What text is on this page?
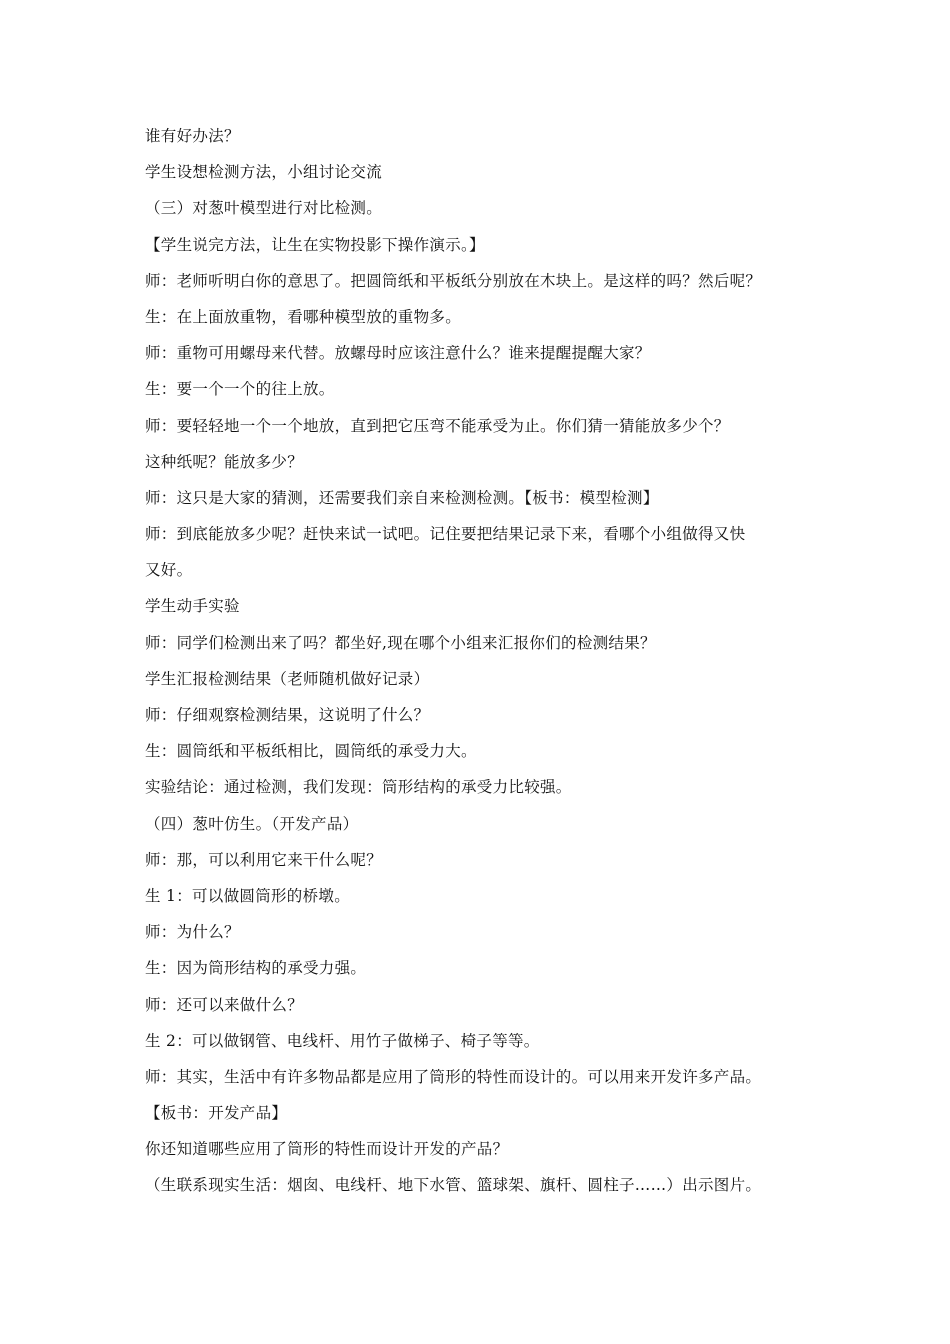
谁有好办法？
学生设想检测方法，小组讨论交流
（三）对葱叶模型进行对比检测。
【学生说完方法，让生在实物投影下操作演示。】
师：老师听明白你的意思了。把圆筒纸和平板纸分别放在木块上。是这样的吗？然后呢？
生：在上面放重物，看哪种模型放的重物多。
师：重物可用螺母来代替。放螺母时应该注意什么？谁来提醒提醒大家？
生：要一个一个的往上放。
师：要轻轻地一个一个地放，直到把它压弯不能承受为止。你们猜一猜能放多少个？
这种纸呢？能放多少？
师：这只是大家的猜测，还需要我们亲自来检测检测。【板书：模型检测】
师：到底能放多少呢？赶快来试一试吧。记住要把结果记录下来，看哪个小组做得又快
又好。
学生动手实验
师：同学们检测出来了吗？都坐好,现在哪个小组来汇报你们的检测结果？
学生汇报检测结果（老师随机做好记录）
师：仔细观察检测结果，这说明了什么？
生：圆筒纸和平板纸相比，圆筒纸的承受力大。
实验结论：通过检测，我们发现：筒形结构的承受力比较强。
（四）葱叶仿生。（开发产品）
师：那，可以利用它来干什么呢？
生 1：可以做圆筒形的桥墩。
师：为什么？
生：因为筒形结构的承受力强。
师：还可以来做什么？
生 2：可以做钢管、电线杆、用竹子做梯子、椅子等等。
师：其实，生活中有许多物品都是应用了筒形的特性而设计的。可以用来开发许多产品。
【板书：开发产品】
你还知道哪些应用了筒形的特性而设计开发的产品？
（生联系现实生活：烟囱、电线杆、地下水管、篮球架、旗杆、圆柱子……）出示图片。
